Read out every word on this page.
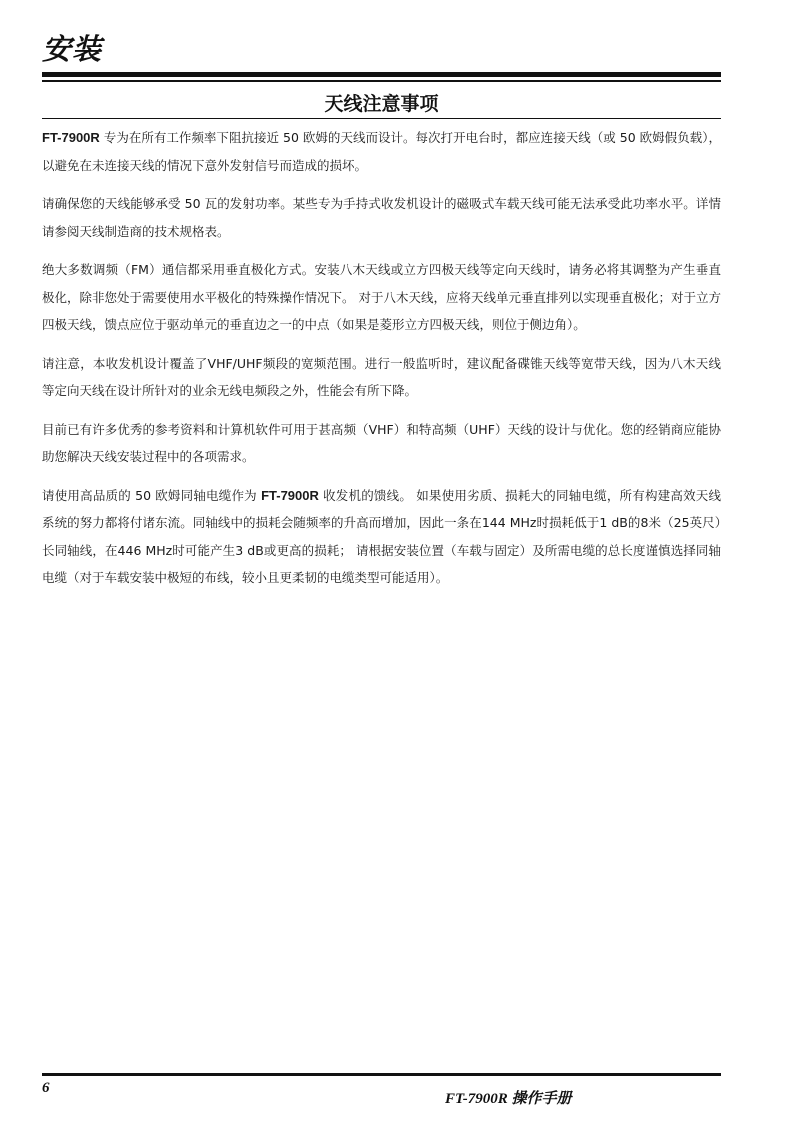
安装
天线注意事项

FT-7900R 专为在所有工作频率下阻抗接近 50 欧姆的天线而设计。每次打开电台时，都应连接天线（或 50 欧姆假负载），以避免在未连接天线的情况下意外发射信号而造成的损坏。

请确保您的天线能够承受 50 瓦的发射功率。某些专为手持式收发机设计的磁吸式车载天线可能无法承受此功率水平。详情请参阅天线制造商的技术规格表。

绝大多数调频（FM）通信都采用垂直极化方式。安装八木天线或立方四极天线等定向天线时，请务必将其调整为产生垂直极化，除非您处于需要使用水平极化的特殊操作情况下。 对于八木天线，应将天线单元垂直排列以实现垂直极化；对于立方四极天线，馈点应位于驱动单元的垂直边之一的中点（如果是菱形立方四极天线，则位于侧边角）。

请注意，本收发机设计覆盖了VHF/UHF频段的宽频范围。进行一般监听时，建议配备碟锥天线等宽带天线，因为八木天线等定向天线在设计所针对的业余无线电频段之外，性能会有所下降。

目前已有许多优秀的参考资料和计算机软件可用于甚高频（VHF）和特高频（UHF）天线的设计与优化。您的经销商应能协助您解决天线安装过程中的各项需求。

请使用高品质的 50 欧姆同轴电缆作为 FT-7900R 收发机的馈线。 如果使用劣质、损耗大的同轴电缆，所有构建高效天线系统的努力都将付诸东流。同轴线中的损耗会随频率的升高而增加，因此一条在144 MHz时损耗低于1 dB的8米（25英尺）长同轴线，在446 MHz时可能产生3 dB或更高的损耗； 请根据安装位置（车载与固定）及所需电缆的总长度谨慎选择同轴电缆（对于车载安装中极短的布线，较小且更柔韧的电缆类型可能适用）。

6
FT-7900R 操作手册
